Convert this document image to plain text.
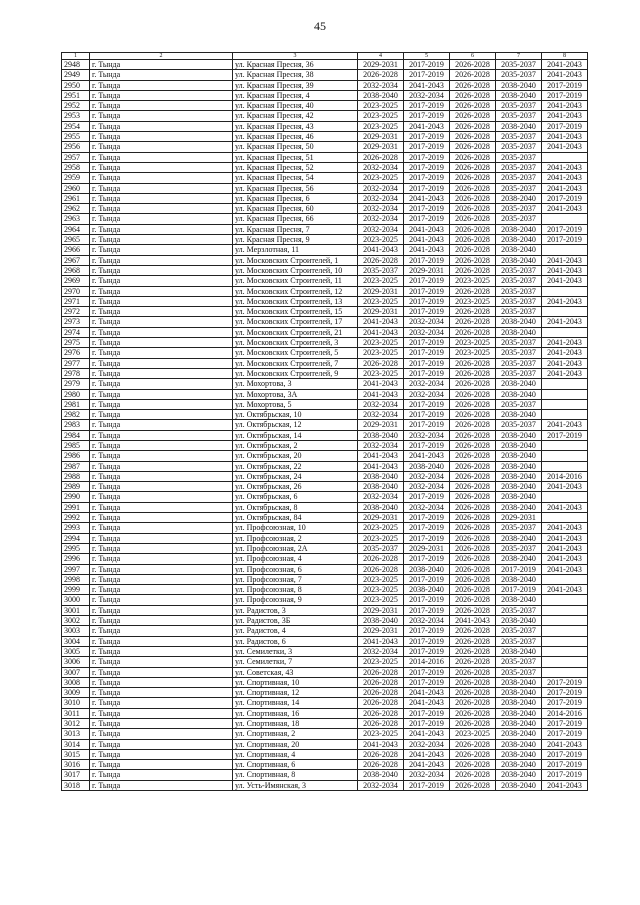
45
1	2	3	4	5	6	7	8
2948	г. Тында	ул. Красная Пресня, 36	2029-2031	2017-2019	2026-2028	2035-2037	2041-2043
2949	г. Тында	ул. Красная Пресня, 38	2026-2028	2017-2019	2026-2028	2035-2037	2041-2043
2950	г. Тында	ул. Красная Пресня, 39	2032-2034	2041-2043	2026-2028	2038-2040	2017-2019
2951	г. Тында	ул. Красная Пресня, 4	2038-2040	2032-2034	2026-2028	2038-2040	2017-2019
2952	г. Тында	ул. Красная Пресня, 40	2023-2025	2017-2019	2026-2028	2035-2037	2041-2043
2953	г. Тында	ул. Красная Пресня, 42	2023-2025	2017-2019	2026-2028	2035-2037	2041-2043
2954	г. Тында	ул. Красная Пресня, 43	2023-2025	2041-2043	2026-2028	2038-2040	2017-2019
2955	г. Тында	ул. Красная Пресня, 46	2029-2031	2017-2019	2026-2028	2035-2037	2041-2043
2956	г. Тында	ул. Красная Пресня, 50	2029-2031	2017-2019	2026-2028	2035-2037	2041-2043
2957	г. Тында	ул. Красная Пресня, 51	2026-2028	2017-2019	2026-2028	2035-2037	
2958	г. Тында	ул. Красная Пресня, 52	2032-2034	2017-2019	2026-2028	2035-2037	2041-2043
2959	г. Тында	ул. Красная Пресня, 54	2023-2025	2017-2019	2026-2028	2035-2037	2041-2043
2960	г. Тында	ул. Красная Пресня, 56	2032-2034	2017-2019	2026-2028	2035-2037	2041-2043
2961	г. Тында	ул. Красная Пресня, 6	2032-2034	2041-2043	2026-2028	2038-2040	2017-2019
2962	г. Тында	ул. Красная Пресня, 60	2032-2034	2017-2019	2026-2028	2035-2037	2041-2043
2963	г. Тында	ул. Красная Пресня, 66	2032-2034	2017-2019	2026-2028	2035-2037	
2964	г. Тында	ул. Красная Пресня, 7	2032-2034	2041-2043	2026-2028	2038-2040	2017-2019
2965	г. Тында	ул. Красная Пресня, 9	2023-2025	2041-2043	2026-2028	2038-2040	2017-2019
2966	г. Тында	ул. Мерзлотная, 11	2041-2043	2041-2043	2026-2028	2038-2040	
2967	г. Тында	ул. Московских Строителей, 1	2026-2028	2017-2019	2026-2028	2038-2040	2041-2043
2968	г. Тында	ул. Московских Строителей, 10	2035-2037	2029-2031	2026-2028	2035-2037	2041-2043
2969	г. Тында	ул. Московских Строителей, 11	2023-2025	2017-2019	2023-2025	2035-2037	2041-2043
2970	г. Тында	ул. Московских Строителей, 12	2029-2031	2017-2019	2026-2028	2035-2037	
2971	г. Тында	ул. Московских Строителей, 13	2023-2025	2017-2019	2023-2025	2035-2037	2041-2043
2972	г. Тында	ул. Московских Строителей, 15	2029-2031	2017-2019	2026-2028	2035-2037	
2973	г. Тында	ул. Московских Строителей, 17	2041-2043	2032-2034	2026-2028	2038-2040	2041-2043
2974	г. Тында	ул. Московских Строителей, 21	2041-2043	2032-2034	2026-2028	2038-2040	
2975	г. Тында	ул. Московских Строителей, 3	2023-2025	2017-2019	2023-2025	2035-2037	2041-2043
2976	г. Тында	ул. Московских Строителей, 5	2023-2025	2017-2019	2023-2025	2035-2037	2041-2043
2977	г. Тында	ул. Московских Строителей, 7	2026-2028	2017-2019	2026-2028	2035-2037	2041-2043
2978	г. Тында	ул. Московских Строителей, 9	2023-2025	2017-2019	2026-2028	2035-2037	2041-2043
2979	г. Тында	ул. Мохортова, 3	2041-2043	2032-2034	2026-2028	2038-2040	
2980	г. Тында	ул. Мохортова, 3А	2041-2043	2032-2034	2026-2028	2038-2040	
2981	г. Тында	ул. Мохортова, 5	2032-2034	2017-2019	2026-2028	2035-2037	
2982	г. Тында	ул. Октябрьская, 10	2032-2034	2017-2019	2026-2028	2038-2040	
2983	г. Тында	ул. Октябрьская, 12	2029-2031	2017-2019	2026-2028	2035-2037	2041-2043
2984	г. Тында	ул. Октябрьская, 14	2038-2040	2032-2034	2026-2028	2038-2040	2017-2019
2985	г. Тында	ул. Октябрьская, 2	2032-2034	2017-2019	2026-2028	2038-2040	
2986	г. Тында	ул. Октябрьская, 20	2041-2043	2041-2043	2026-2028	2038-2040	
2987	г. Тында	ул. Октябрьская, 22	2041-2043	2038-2040	2026-2028	2038-2040	
2988	г. Тында	ул. Октябрьская, 24	2038-2040	2032-2034	2026-2028	2038-2040	2014-2016
2989	г. Тында	ул. Октябрьская, 26	2038-2040	2032-2034	2026-2028	2038-2040	2041-2043
2990	г. Тында	ул. Октябрьская, 6	2032-2034	2017-2019	2026-2028	2038-2040	
2991	г. Тында	ул. Октябрьская, 8	2038-2040	2032-2034	2026-2028	2038-2040	2041-2043
2992	г. Тында	ул. Октябрьская, 84	2029-2031	2017-2019	2026-2028	2029-2031	
2993	г. Тында	ул. Профсоюзная, 10	2023-2025	2017-2019	2026-2028	2035-2037	2041-2043
2994	г. Тында	ул. Профсоюзная, 2	2023-2025	2017-2019	2026-2028	2038-2040	2041-2043
2995	г. Тында	ул. Профсоюзная, 2А	2035-2037	2029-2031	2026-2028	2035-2037	2041-2043
2996	г. Тында	ул. Профсоюзная, 4	2026-2028	2017-2019	2026-2028	2038-2040	2041-2043
2997	г. Тында	ул. Профсоюзная, 6	2026-2028	2038-2040	2026-2028	2017-2019	2041-2043
2998	г. Тында	ул. Профсоюзная, 7	2023-2025	2017-2019	2026-2028	2038-2040	
2999	г. Тында	ул. Профсоюзная, 8	2023-2025	2038-2040	2026-2028	2017-2019	2041-2043
3000	г. Тында	ул. Профсоюзная, 9	2023-2025	2017-2019	2026-2028	2038-2040	
3001	г. Тында	ул. Радистов, 3	2029-2031	2017-2019	2026-2028	2035-2037	
3002	г. Тында	ул. Радистов, 3Б	2038-2040	2032-2034	2041-2043	2038-2040	
3003	г. Тында	ул. Радистов, 4	2029-2031	2017-2019	2026-2028	2035-2037	
3004	г. Тында	ул. Радистов, 6	2041-2043	2017-2019	2026-2028	2035-2037	
3005	г. Тында	ул. Семилетки, 3	2032-2034	2017-2019	2026-2028	2038-2040	
3006	г. Тында	ул. Семилетки, 7	2023-2025	2014-2016	2026-2028	2035-2037	
3007	г. Тында	ул. Советская, 43	2026-2028	2017-2019	2026-2028	2035-2037	
3008	г. Тында	ул. Спортивная, 10	2026-2028	2017-2019	2026-2028	2038-2040	2017-2019
3009	г. Тында	ул. Спортивная, 12	2026-2028	2041-2043	2026-2028	2038-2040	2017-2019
3010	г. Тында	ул. Спортивная, 14	2026-2028	2041-2043	2026-2028	2038-2040	2017-2019
3011	г. Тында	ул. Спортивная, 16	2026-2028	2017-2019	2026-2028	2038-2040	2014-2016
3012	г. Тында	ул. Спортивная, 18	2026-2028	2017-2019	2026-2028	2038-2040	2017-2019
3013	г. Тында	ул. Спортивная, 2	2023-2025	2041-2043	2023-2025	2038-2040	2017-2019
3014	г. Тында	ул. Спортивная, 20	2041-2043	2032-2034	2026-2028	2038-2040	2041-2043
3015	г. Тында	ул. Спортивная, 4	2026-2028	2041-2043	2026-2028	2038-2040	2017-2019
3016	г. Тында	ул. Спортивная, 6	2026-2028	2041-2043	2026-2028	2038-2040	2017-2019
3017	г. Тында	ул. Спортивная, 8	2038-2040	2032-2034	2026-2028	2038-2040	2017-2019
3018	г. Тында	ул. Усть-Имянская, 3	2032-2034	2017-2019	2026-2028	2038-2040	2041-2043
